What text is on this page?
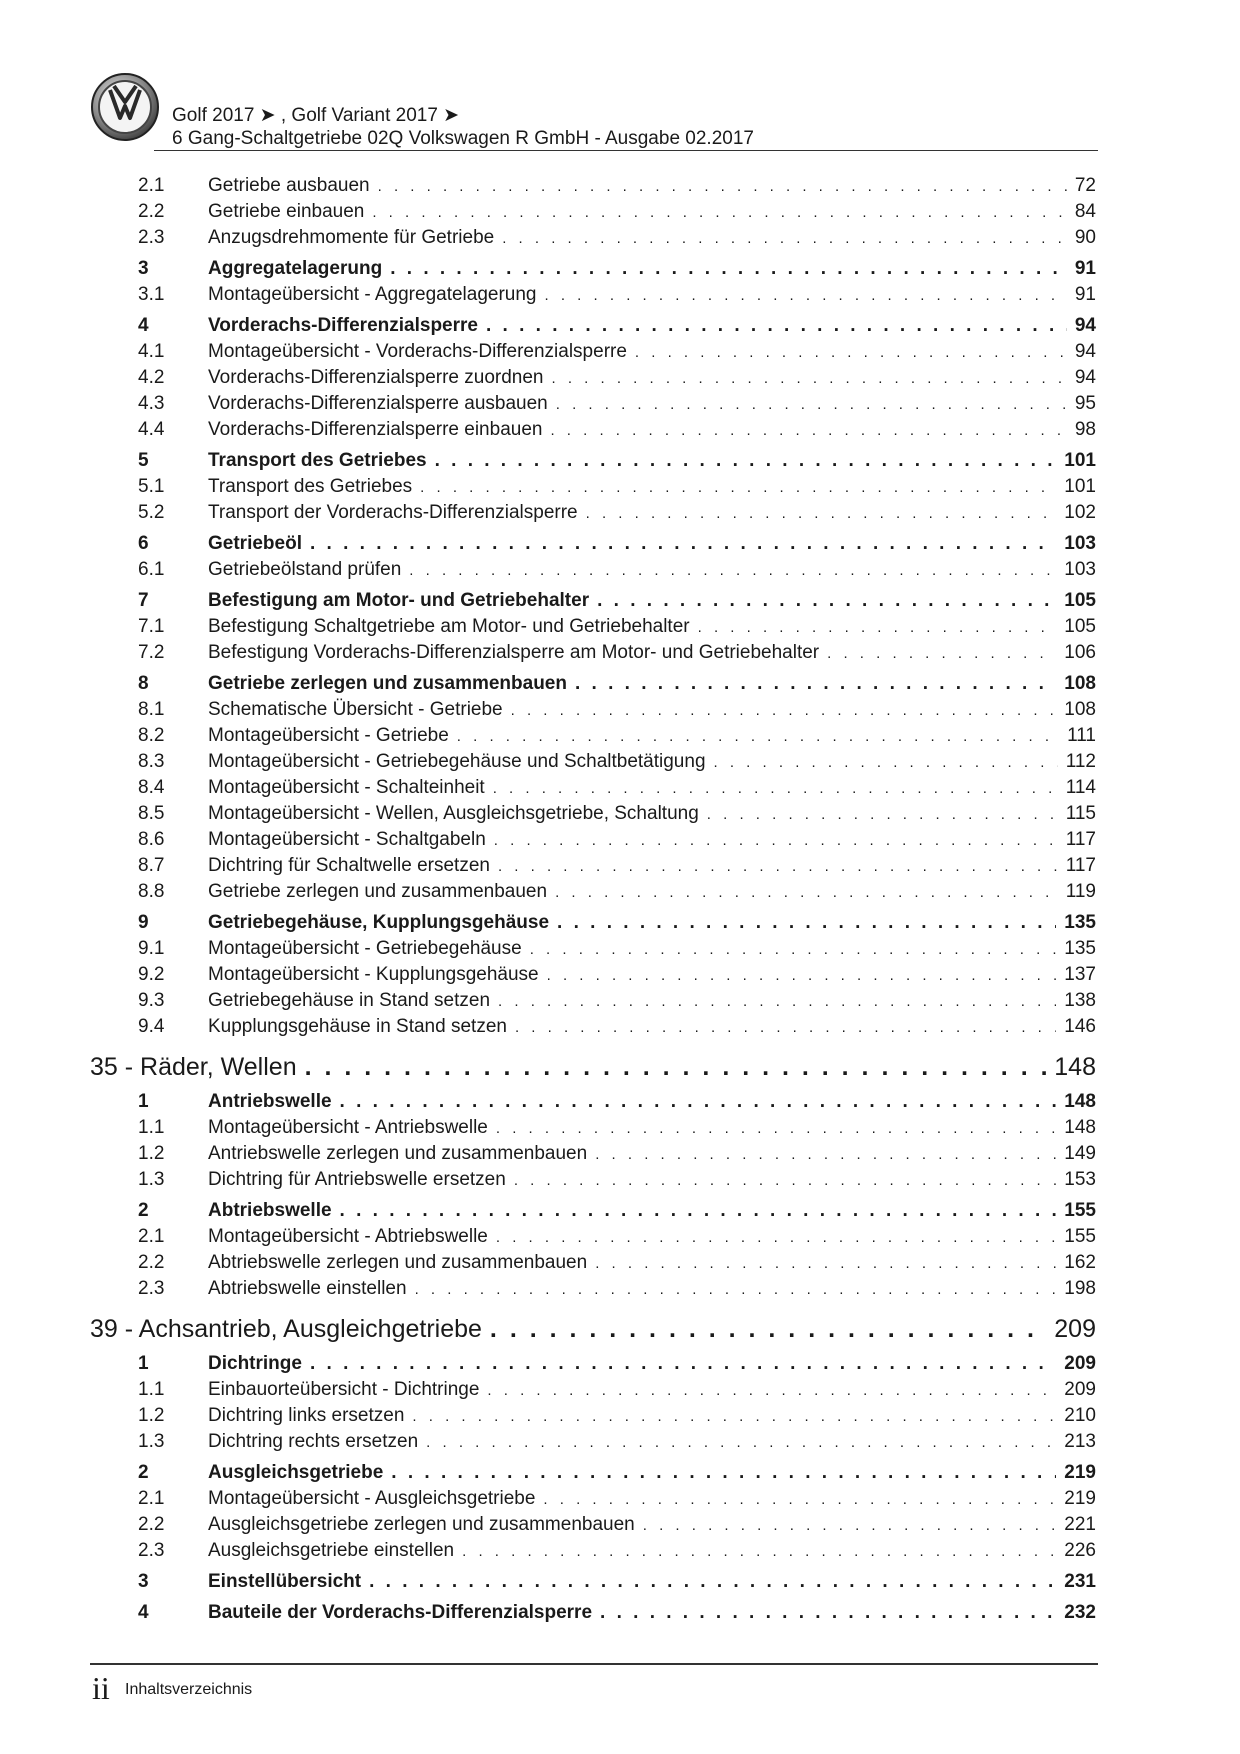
Golf 2017 ➤ , Golf Variant 2017 ➤
6 Gang-Schaltgetriebe 02Q Volkswagen R GmbH - Ausgabe 02.2017
2.1	Getriebe ausbauen . . .	72
2.2	Getriebe einbauen . . .	84
2.3	Anzugsdrehmomente für Getriebe . . .	90
3	Aggregatelagerung . . .	91
3.1	Montageübersicht - Aggregatelagerung . . .	91
4	Vorderachs-Differenzialsperre . . .	94
4.1	Montageübersicht - Vorderachs-Differenzialsperre . . .	94
4.2	Vorderachs-Differenzialsperre zuordnen . . .	94
4.3	Vorderachs-Differenzialsperre ausbauen . . .	95
4.4	Vorderachs-Differenzialsperre einbauen . . .	98
5	Transport des Getriebes . . .	101
5.1	Transport des Getriebes . . .	101
5.2	Transport der Vorderachs-Differenzialsperre . . .	102
6	Getriebeöl . . .	103
6.1	Getriebeölstand prüfen . . .	103
7	Befestigung am Motor- und Getriebehalter . . .	105
7.1	Befestigung Schaltgetriebe am Motor- und Getriebehalter . . .	105
7.2	Befestigung Vorderachs-Differenzialsperre am Motor- und Getriebehalter . . .	106
8	Getriebe zerlegen und zusammenbauen . . .	108
8.1	Schematische Übersicht - Getriebe . . .	108
8.2	Montageübersicht - Getriebe . . .	111
8.3	Montageübersicht - Getriebegehäuse und Schaltbetätigung . . .	112
8.4	Montageübersicht - Schalteinheit . . .	114
8.5	Montageübersicht - Wellen, Ausgleichsgetriebe, Schaltung . . .	115
8.6	Montageübersicht - Schaltgabeln . . .	117
8.7	Dichtring für Schaltwelle ersetzen . . .	117
8.8	Getriebe zerlegen und zusammenbauen . . .	119
9	Getriebegehäuse, Kupplungsgehäuse . . .	135
9.1	Montageübersicht - Getriebegehäuse . . .	135
9.2	Montageübersicht - Kupplungsgehäuse . . .	137
9.3	Getriebegehäuse in Stand setzen . . .	138
9.4	Kupplungsgehäuse in Stand setzen . . .	146
35 - Räder, Wellen . . .	148
1	Antriebswelle . . .	148
1.1	Montageübersicht - Antriebswelle . . .	148
1.2	Antriebswelle zerlegen und zusammenbauen . . .	149
1.3	Dichtring für Antriebswelle ersetzen . . .	153
2	Abtriebswelle . . .	155
2.1	Montageübersicht - Abtriebswelle . . .	155
2.2	Abtriebswelle zerlegen und zusammenbauen . . .	162
2.3	Abtriebswelle einstellen . . .	198
39 - Achsantrieb, Ausgleichgetriebe . . .	209
1	Dichtringe . . .	209
1.1	Einbauorteübersicht - Dichtringe . . .	209
1.2	Dichtring links ersetzen . . .	210
1.3	Dichtring rechts ersetzen . . .	213
2	Ausgleichsgetriebe . . .	219
2.1	Montageübersicht - Ausgleichsgetriebe . . .	219
2.2	Ausgleichsgetriebe zerlegen und zusammenbauen . . .	221
2.3	Ausgleichsgetriebe einstellen . . .	226
3	Einstellübersicht . . .	231
4	Bauteile der Vorderachs-Differenzialsperre . . .	232
ii Inhaltsverzeichnis
